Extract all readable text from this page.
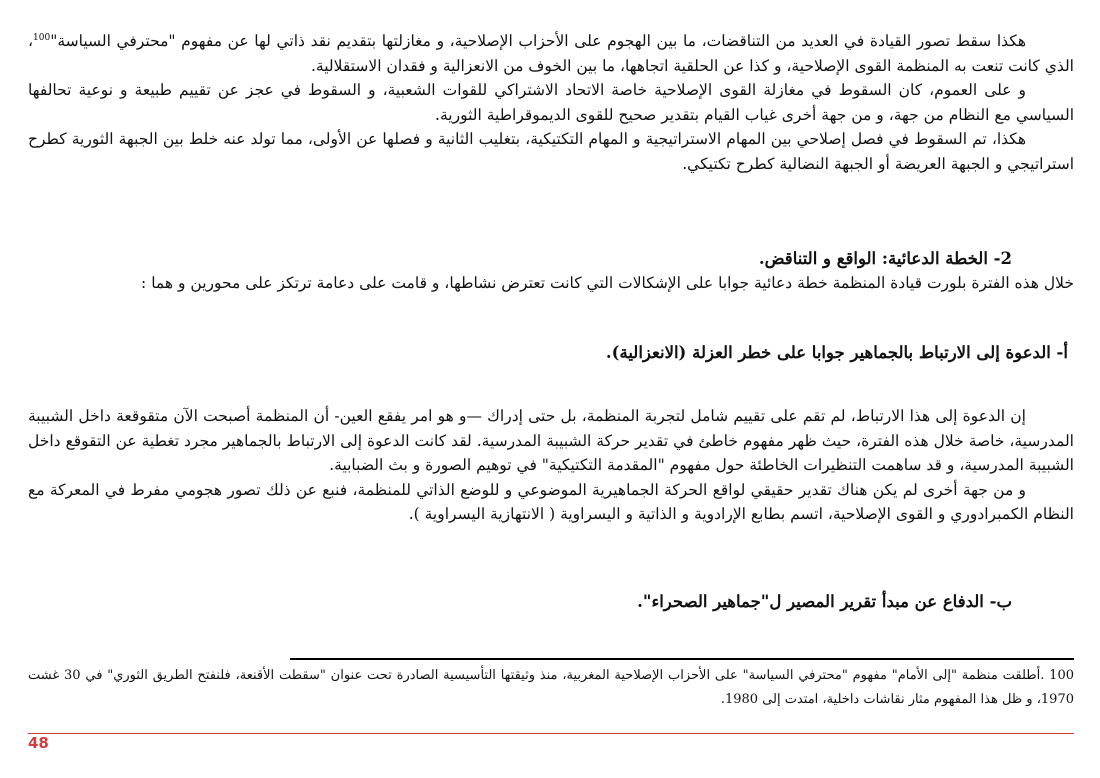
هكذا سقط تصور القيادة في العديد من التناقضات، ما بين الهجوم على الأحزاب الإصلاحية، و مغازلتها بتقديم نقد ذاتي لها عن مفهوم "محترفي السياسة"$^{100}$، الذي كانت تنعت به المنظمة القوى الإصلاحية، و كذا عن الحلقية اتجاهها، ما بين الخوف من الانعزالية و فقدان الاستقلالية.

و على العموم، كان السقوط في مغازلة القوى الإصلاحية خاصة الاتحاد الاشتراكي للقوات الشعبية، و السقوط في عجز عن تقييم طبيعة و نوعية تحالفها السياسي مع النظام من جهة، و من جهة أخرى غياب القيام بتقدير صحيح للقوى الديموقراطية الثورية.

هكذا، تم السقوط في فصل إصلاحي بين المهام الاستراتيجية و المهام التكتيكية، بتغليب الثانية و فصلها عن الأولى، مما تولد عنه خلط بين الجبهة الثورية كطرح استراتيجي و الجبهة العريضة أو الجبهة النضالية كطرح تكتيكي.

2- الخطة الدعائية: الواقع و التناقض.

خلال هذه الفترة بلورت قيادة المنظمة خطة دعائية جوابا على الإشكالات التي كانت تعترض نشاطها، و قامت على دعامة ترتكز على محورين و هما :

أ- الدعوة إلى الارتباط بالجماهير جوابا على خطر العزلة (الانعزالية).

إن الدعوة إلى هذا الارتباط، لم تقم على تقييم شامل لتجربة المنظمة، بل حتى إدراك —و هو امر يفقع العين- أن المنظمة أصبحت الآن متقوقعة داخل الشبيبة المدرسية، خاصة خلال هذه الفترة، حيث ظهر مفهوم خاطئ في تقدير حركة الشبيبة المدرسية. لقد كانت الدعوة إلى الارتباط بالجماهير مجرد تغطية عن التقوقع داخل الشبيبة المدرسية، و قد ساهمت التنظيرات الخاطئة حول مفهوم "المقدمة التكتيكية" في توهيم الصورة و بث الضبابية.

و من جهة أخرى لم يكن هناك تقدير حقيقي لواقع الحركة الجماهيرية الموضوعي و للوضع الذاتي للمنظمة، فنبع عن ذلك تصور هجومي مفرط في المعركة مع النظام الكمبرادوري و القوى الإصلاحية، اتسم بطابع الإرادوية و الذاتية و اليسراوية ( الانتهازية اليسراوية ).

ب- الدفاع عن مبدأ تقرير المصير ل"جماهير الصحراء".

100 .أطلقت منظمة "إلى الأمام" مفهوم "محترفي السياسة" على الأحزاب الإصلاحية المغربية، منذ وثيقتها التأسيسية الصادرة تحت عنوان "سقطت الأقنعة، فلنفتح الطريق الثوري" في 30 غشت 1970، و ظل هذا المفهوم مثار نقاشات داخلية، امتدت إلى 1980.
48
